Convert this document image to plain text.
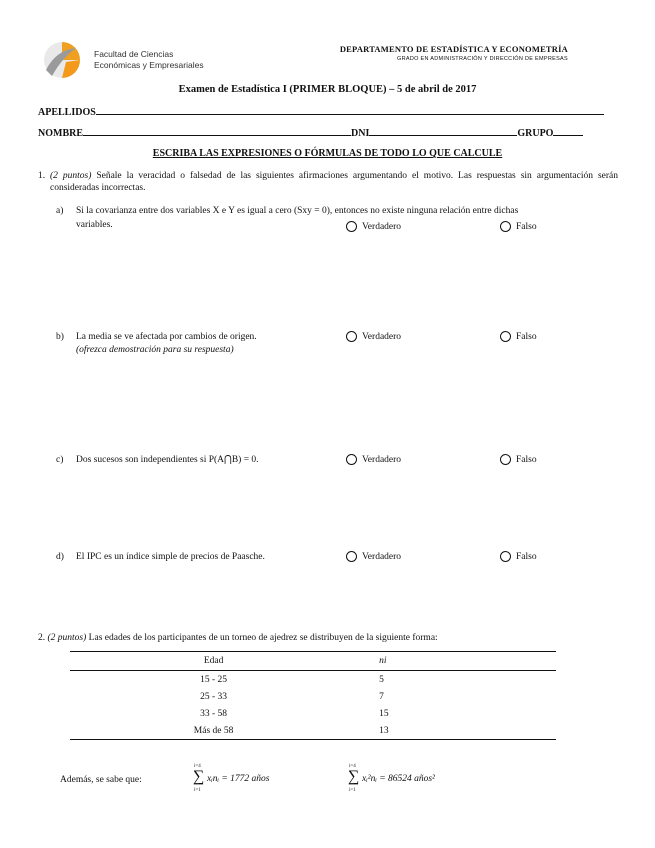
Facultad de Ciencias
Económicas y Empresariales
DEPARTAMENTO DE ESTADÍSTICA Y ECONOMETRÍA
GRADO EN ADMINISTRACIÓN Y DIRECCIÓN DE EMPRESAS
Examen de Estadística I (PRIMER BLOQUE) – 5 de abril de 2017
APELLIDOS
NOMBRE	DNI	GRUPO
ESCRIBA LAS EXPRESIONES O FÓRMULAS DE TODO LO QUE CALCULE
1. (2 puntos) Señale la veracidad o falsedad de las siguientes afirmaciones argumentando el motivo. Las respuestas sin argumentación serán consideradas incorrectas.
a) Si la covarianza entre dos variables X e Y es igual a cero (Sxy = 0), entonces no existe ninguna relación entre dichas
variables.	Verdadero	Falso
b) La media se ve afectada por cambios de origen.
(ofrezca demostración para su respuesta)
Verdadero	Falso
c) Dos sucesos son independientes si P(A⋂B) = 0.	Verdadero	Falso
d) El IPC es un índice simple de precios de Paasche.	Verdadero	Falso
2. (2 puntos) Las edades de los participantes de un torneo de ajedrez se distribuyen de la siguiente forma:
Edad	ni
15 - 25	5
25 - 33	7
33 - 58	15
Más de 58	13
Además, se sabe que:
i=4
∑
i=1
xᵢnᵢ = 1772 años
i=4
∑
i=1
xᵢ²nᵢ = 86524 años²
